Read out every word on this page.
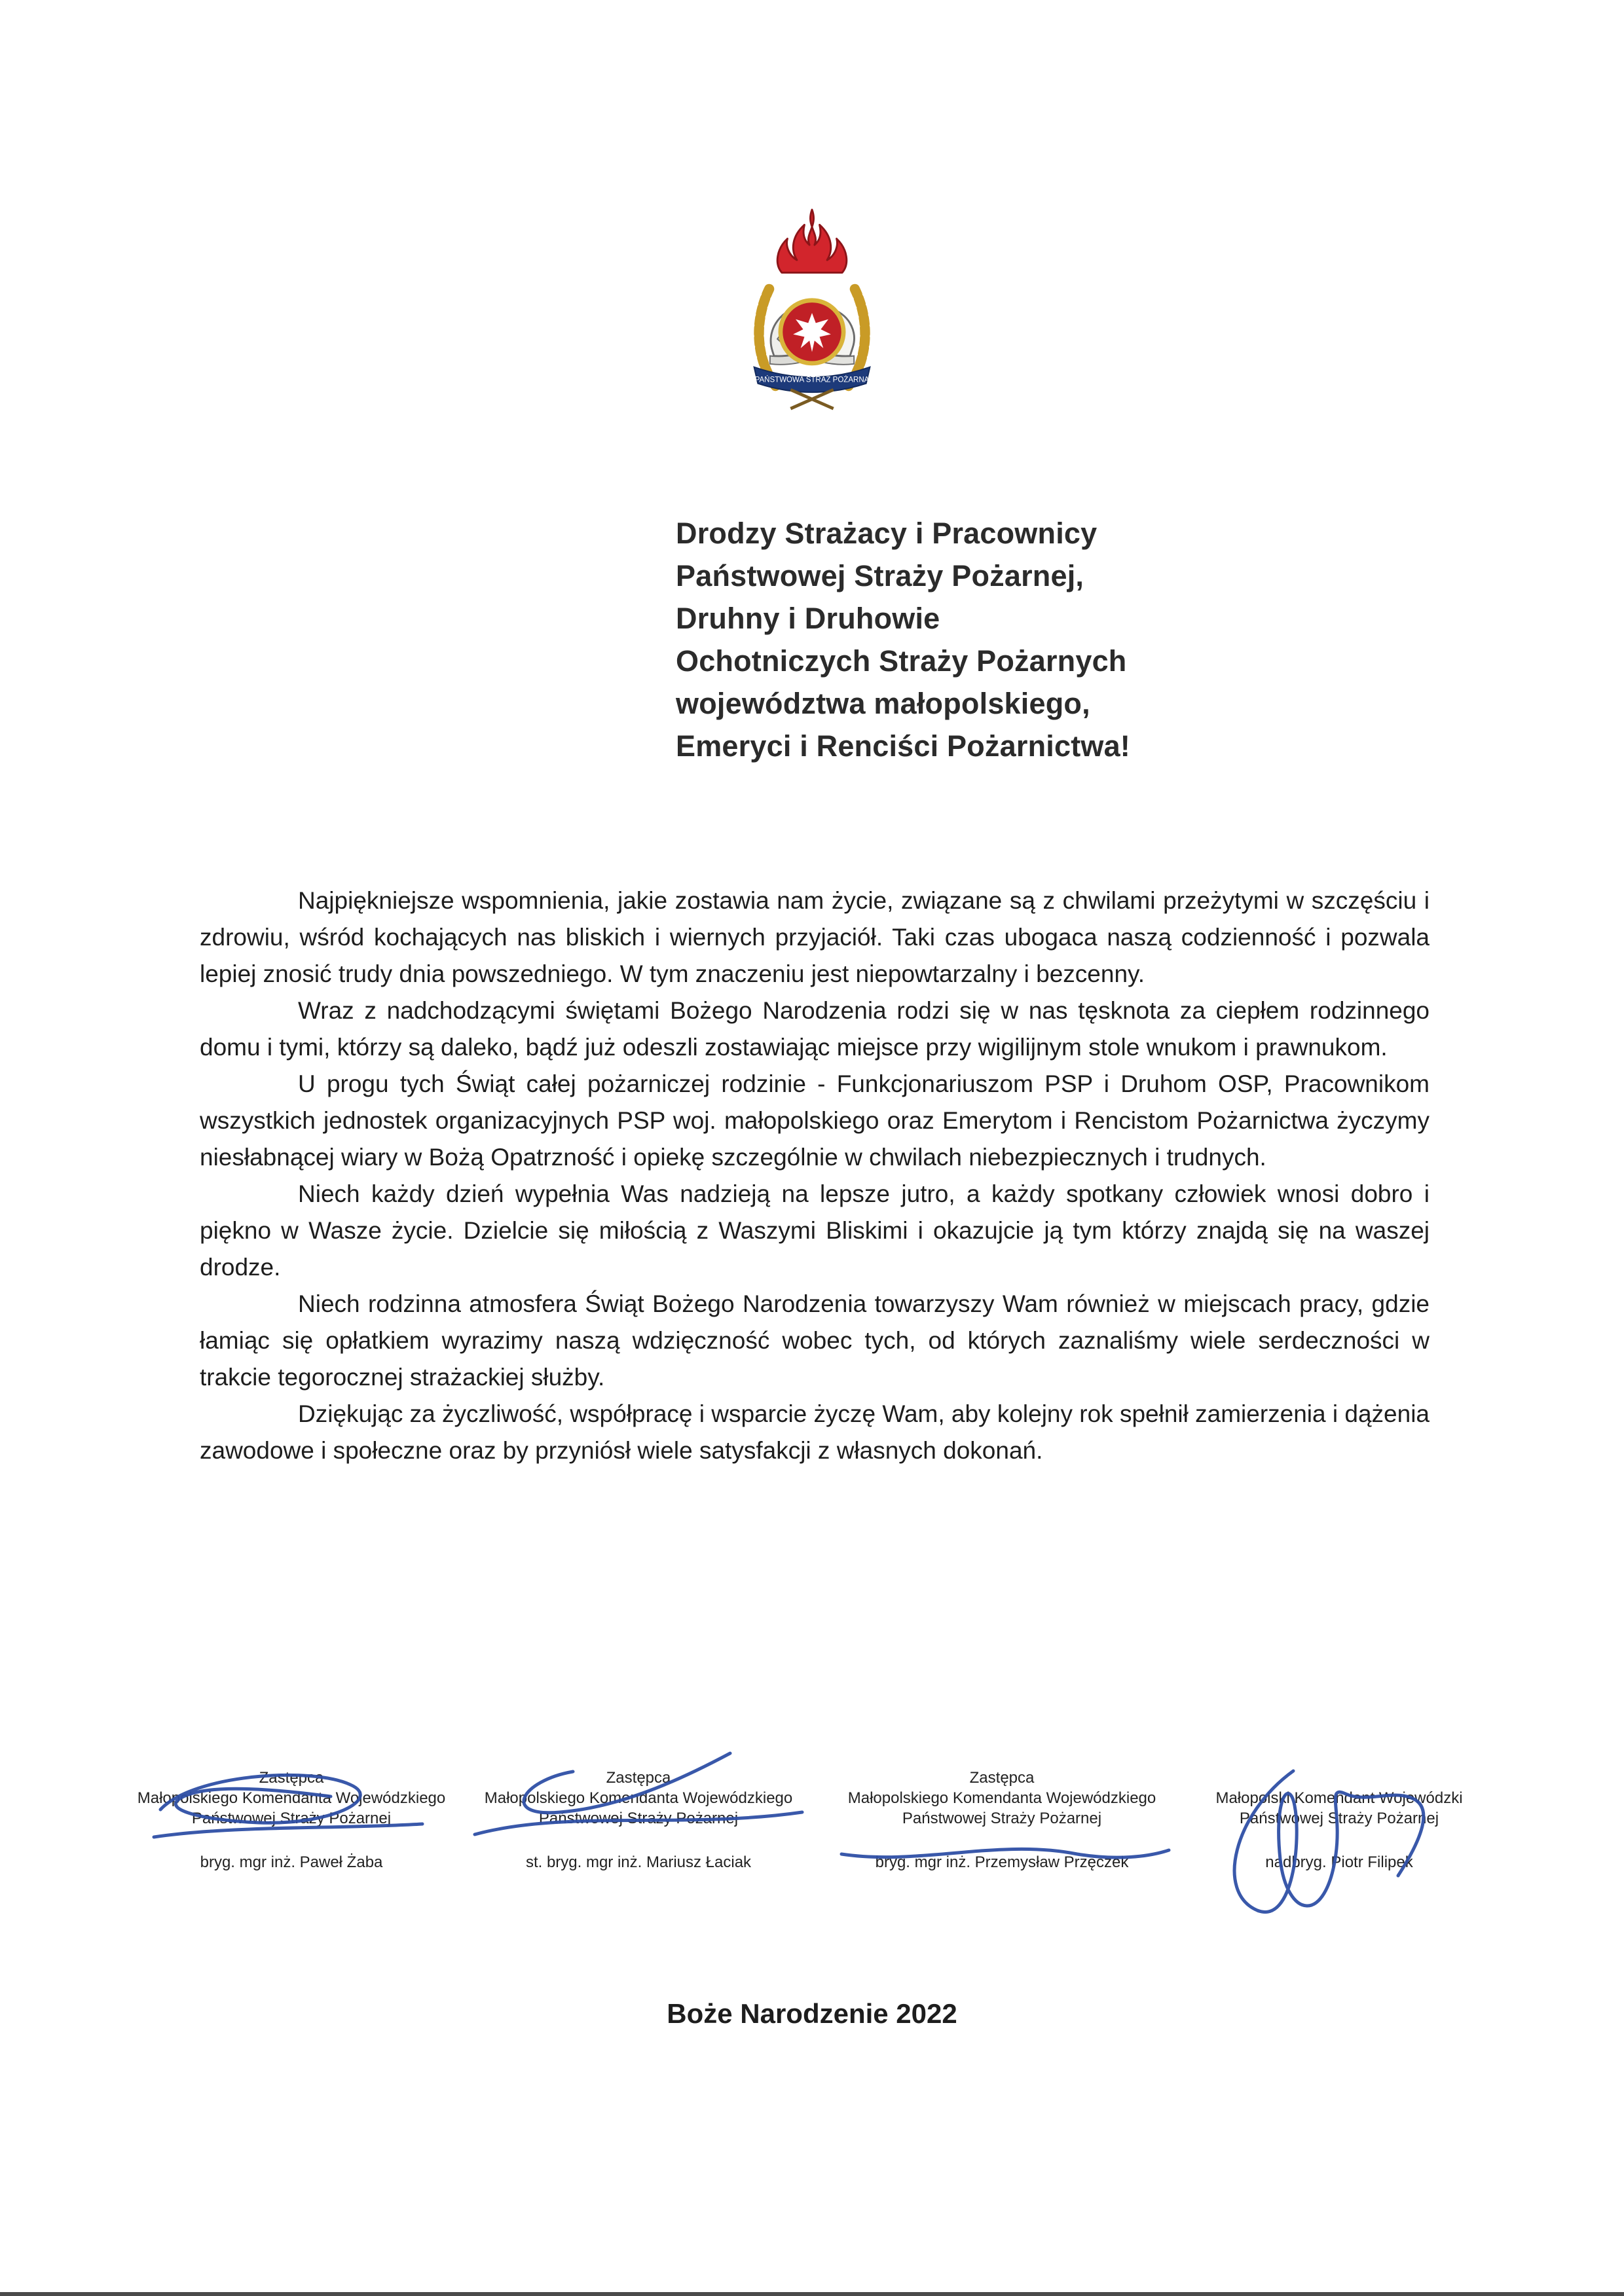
PAŃSTWOWA STRAŻ POŻARNA
Drodzy Strażacy i Pracownicy
Państwowej Straży Pożarnej,
Druhny i Druhowie
Ochotniczych Straży Pożarnych
województwa małopolskiego,
Emeryci i Renciści Pożarnictwa!

Najpiękniejsze wspomnienia, jakie zostawia nam życie, związane są z chwilami przeżytymi w szczęściu i zdrowiu, wśród kochających nas bliskich i wiernych przyjaciół. Taki czas ubogaca naszą codzienność i pozwala lepiej znosić trudy dnia powszedniego. W tym znaczeniu jest niepowtarzalny i bezcenny.

Wraz z nadchodzącymi świętami Bożego Narodzenia rodzi się w nas tęsknota za ciepłem rodzinnego domu i tymi, którzy są daleko, bądź już odeszli zostawiając miejsce przy wigilijnym stole wnukom i prawnukom.

U progu tych Świąt całej pożarniczej rodzinie - Funkcjonariuszom PSP i Druhom OSP, Pracownikom wszystkich jednostek organizacyjnych PSP woj. małopolskiego oraz Emerytom i Rencistom Pożarnictwa życzymy niesłabnącej wiary w Bożą Opatrzność i opiekę szczególnie w chwilach niebezpiecznych i trudnych.

Niech każdy dzień wypełnia Was nadzieją na lepsze jutro, a każdy spotkany człowiek wnosi dobro i piękno w Wasze życie. Dzielcie się miłością z Waszymi Bliskimi i okazujcie ją tym którzy znajdą się na waszej drodze.

Niech rodzinna atmosfera Świąt Bożego Narodzenia towarzyszy Wam również w miejscach pracy, gdzie łamiąc się opłatkiem wyrazimy naszą wdzięczność wobec tych, od których zaznaliśmy wiele serdeczności w trakcie tegorocznej strażackiej służby.

Dziękując za życzliwość, współpracę i wsparcie życzę Wam, aby kolejny rok spełnił zamierzenia i dążenia zawodowe i społeczne oraz by przyniósł wiele satysfakcji z własnych dokonań.

Zastępca
Małopolskiego Komendanta Wojewódzkiego
Państwowej Straży Pożarnej
bryg. mgr inż. Paweł Żaba
Zastępca
Małopolskiego Komendanta Wojewódzkiego
Państwowej Straży Pożarnej
st. bryg. mgr inż. Mariusz Łaciak
Zastępca
Małopolskiego Komendanta Wojewódzkiego
Państwowej Straży Pożarnej
bryg. mgr inż. Przemysław Przęczek
Małopolski Komendant Wojewódzki
Państwowej Straży Pożarnej
nadbryg. Piotr Filipek
Boże Narodzenie 2022
